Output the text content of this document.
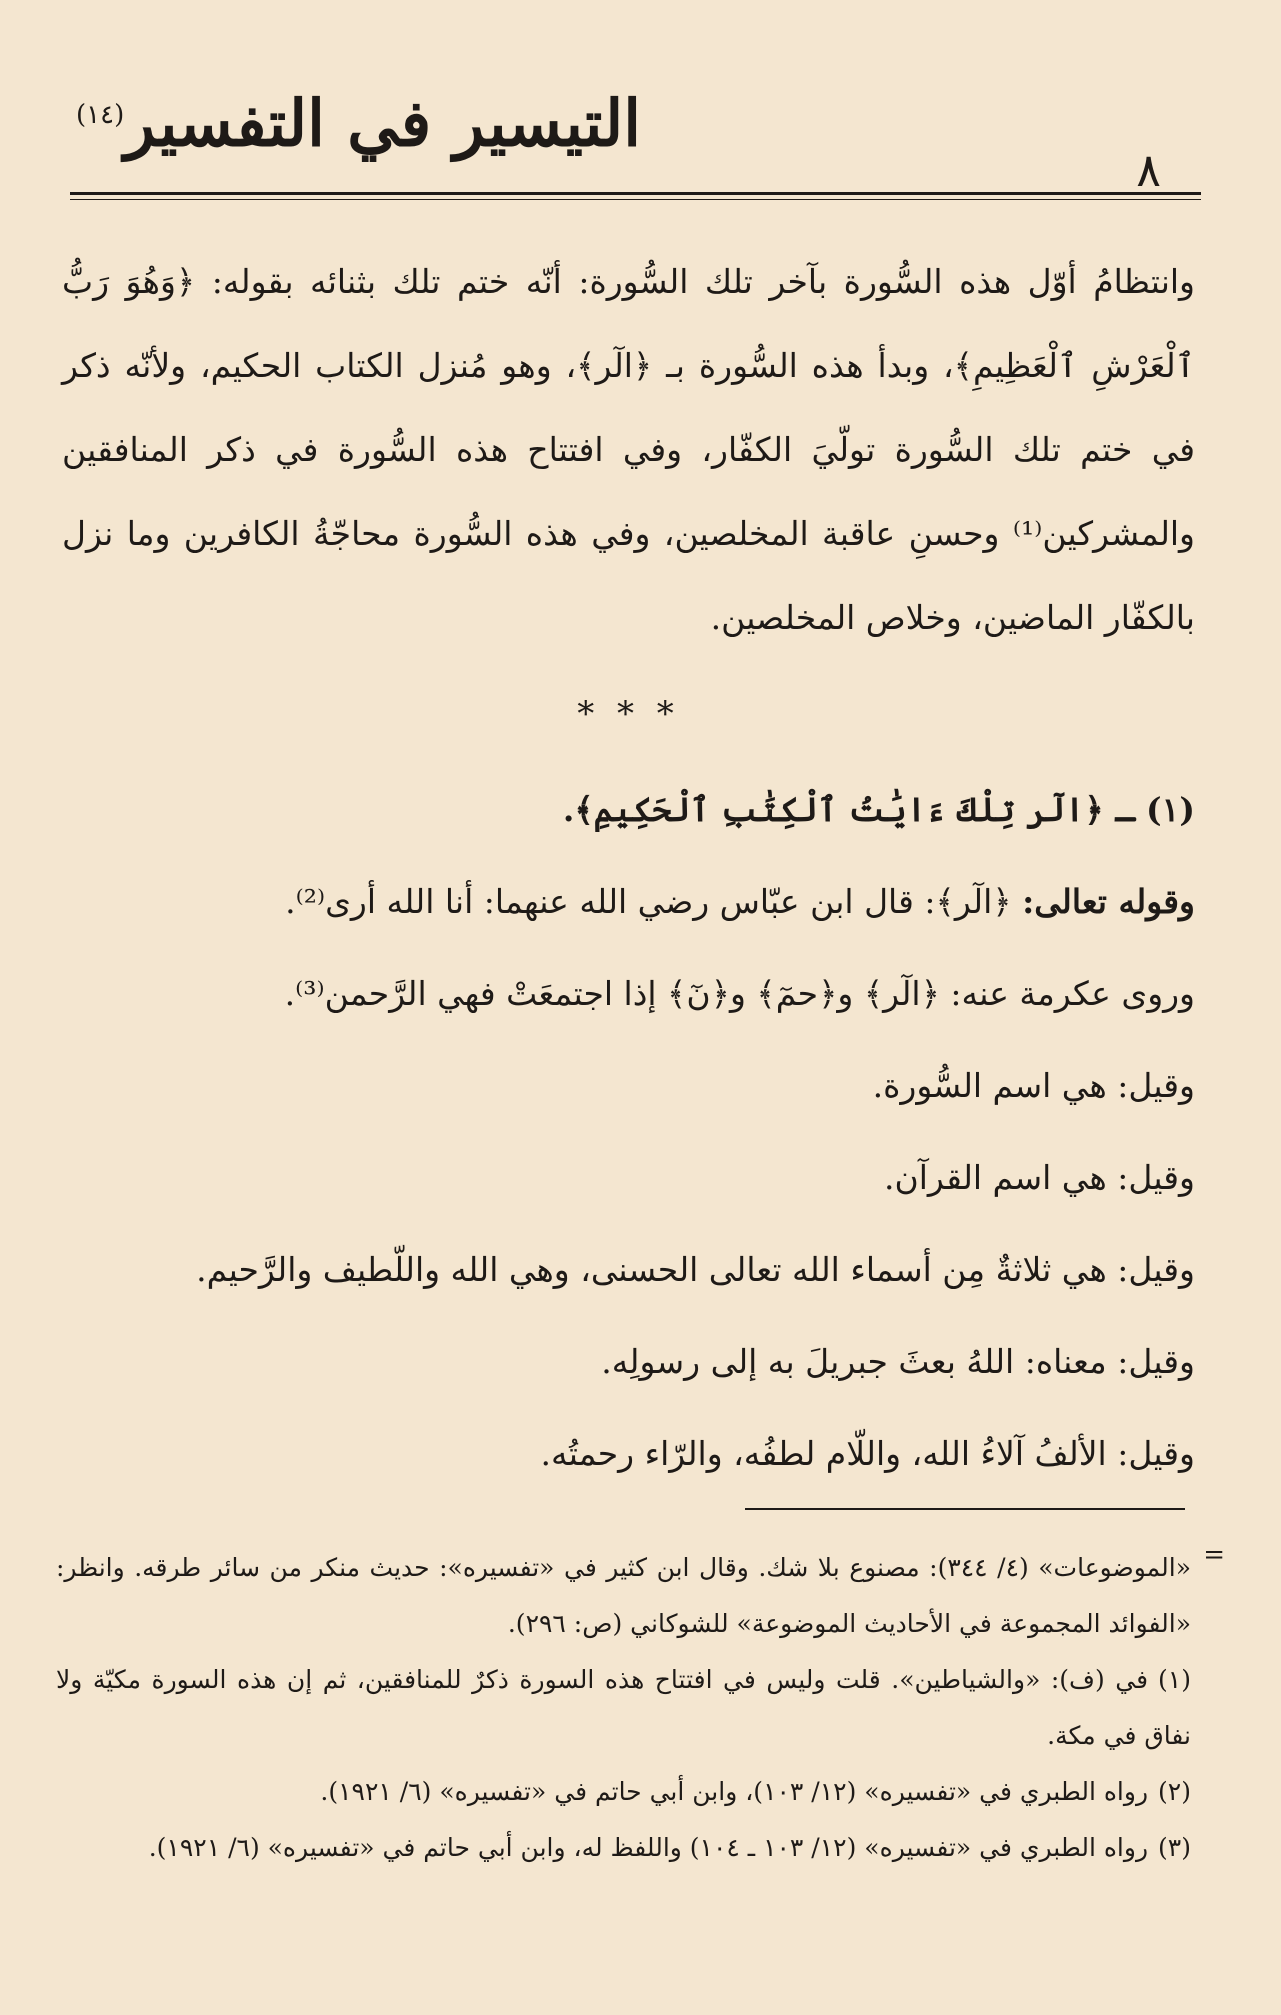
التيسير في التفسير$^{(١٤)}$
٨

وانتظامُ أوّل هذه السُّورة بآخر تلك السُّورة: أنّه ختم تلك بثنائه بقوله: ﴿وَهُوَ رَبُّ ٱلْعَرْشِ ٱلْعَظِيمِ﴾، وبدأ هذه السُّورة بـ ﴿الٓر﴾، وهو مُنزل الكتاب الحكيم، ولأنّه ذكر في ختم تلك السُّورة تولّيَ الكفّار، وفي افتتاح هذه السُّورة في ذكر المنافقين والمشركين⁽¹⁾ وحسنِ عاقبة المخلصين، وفي هذه السُّورة محاجّةُ الكافرين وما نزل بالكفّار الماضين، وخلاص المخلصين.

* * *

(١) ـ ﴿الٓر تِلْكَ ءَايَٰتُ ٱلْكِتَٰبِ ٱلْحَكِيمِ﴾.

وقوله تعالى: ﴿الٓر﴾: قال ابن عبّاس رضي الله عنهما: أنا الله أرى⁽²⁾.

وروى عكرمة عنه: ﴿الٓر﴾ و﴿حمٓ﴾ و﴿نٓ﴾ إذا اجتمعَتْ فهي الرَّحمن⁽³⁾.

وقيل: هي اسم السُّورة.

وقيل: هي اسم القرآن.

وقيل: هي ثلاثةٌ مِن أسماء الله تعالى الحسنى، وهي الله واللّطيف والرَّحيم.

وقيل: معناه: اللهُ بعثَ جبريلَ به إلى رسولِه.

وقيل: الألفُ آلاءُ الله، واللّام لطفُه، والرّاء رحمتُه.

=

«الموضوعات» (٤/ ٣٤٤): مصنوع بلا شك. وقال ابن كثير في «تفسيره»: حديث منكر من سائر طرقه. وانظر: «الفوائد المجموعة في الأحاديث الموضوعة» للشوكاني (ص: ٢٩٦).

(١)في (ف): «والشياطين». قلت وليس في افتتاح هذه السورة ذكرٌ للمنافقين، ثم إن هذه السورة مكيّة ولا نفاق في مكة.

(٢)رواه الطبري في «تفسيره» (١٢/ ١٠٣)، وابن أبي حاتم في «تفسيره» (٦/ ١٩٢١).

(٣)رواه الطبري في «تفسيره» (١٢/ ١٠٣ ـ ١٠٤) واللفظ له، وابن أبي حاتم في «تفسيره» (٦/ ١٩٢١).
